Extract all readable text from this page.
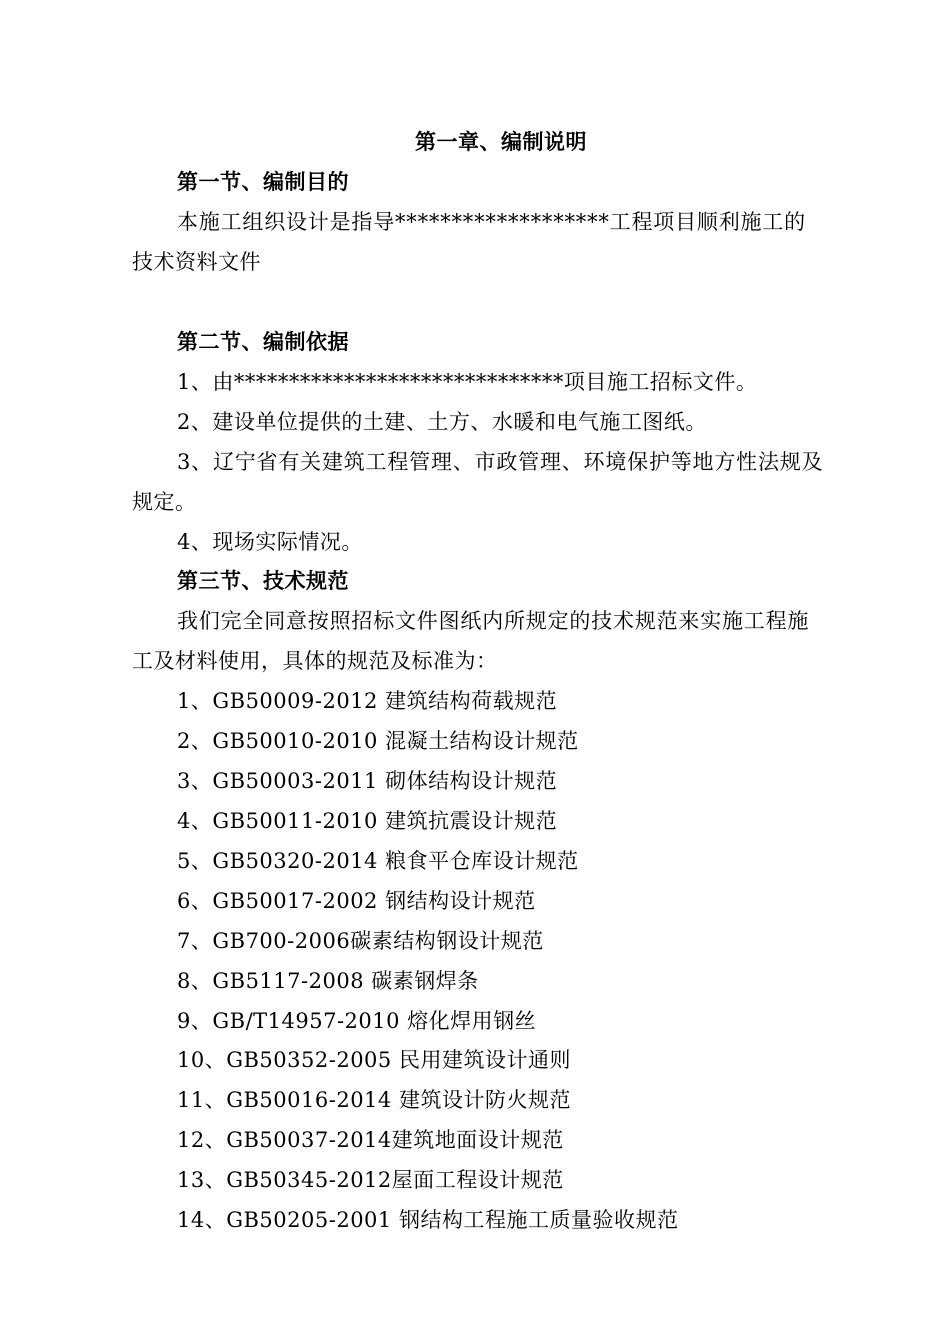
第一章、编制说明
第一节、编制目的
本施工组织设计是指导*******************工程项目顺利施工的
技术资料文件
第二节、编制依据
1、由******************************项目施工招标文件。
2、建设单位提供的土建、土方、水暖和电气施工图纸。
3、辽宁省有关建筑工程管理、市政管理、环境保护等地方性法规及
规定。
4、现场实际情况。
第三节、技术规范
我们完全同意按照招标文件图纸内所规定的技术规范来实施工程施
工及材料使用，具体的规范及标准为：
1、GB50009-2012 建筑结构荷载规范
2、GB50010-2010 混凝土结构设计规范
3、GB50003-2011 砌体结构设计规范
4、GB50011-2010 建筑抗震设计规范
5、GB50320-2014 粮食平仓库设计规范
6、GB50017-2002 钢结构设计规范
7、GB700-2006碳素结构钢设计规范
8、GB5117-2008 碳素钢焊条
9、GB/T14957-2010 熔化焊用钢丝
10、GB50352-2005 民用建筑设计通则
11、GB50016-2014 建筑设计防火规范
12、GB50037-2014建筑地面设计规范
13、GB50345-2012屋面工程设计规范
14、GB50205-2001 钢结构工程施工质量验收规范
